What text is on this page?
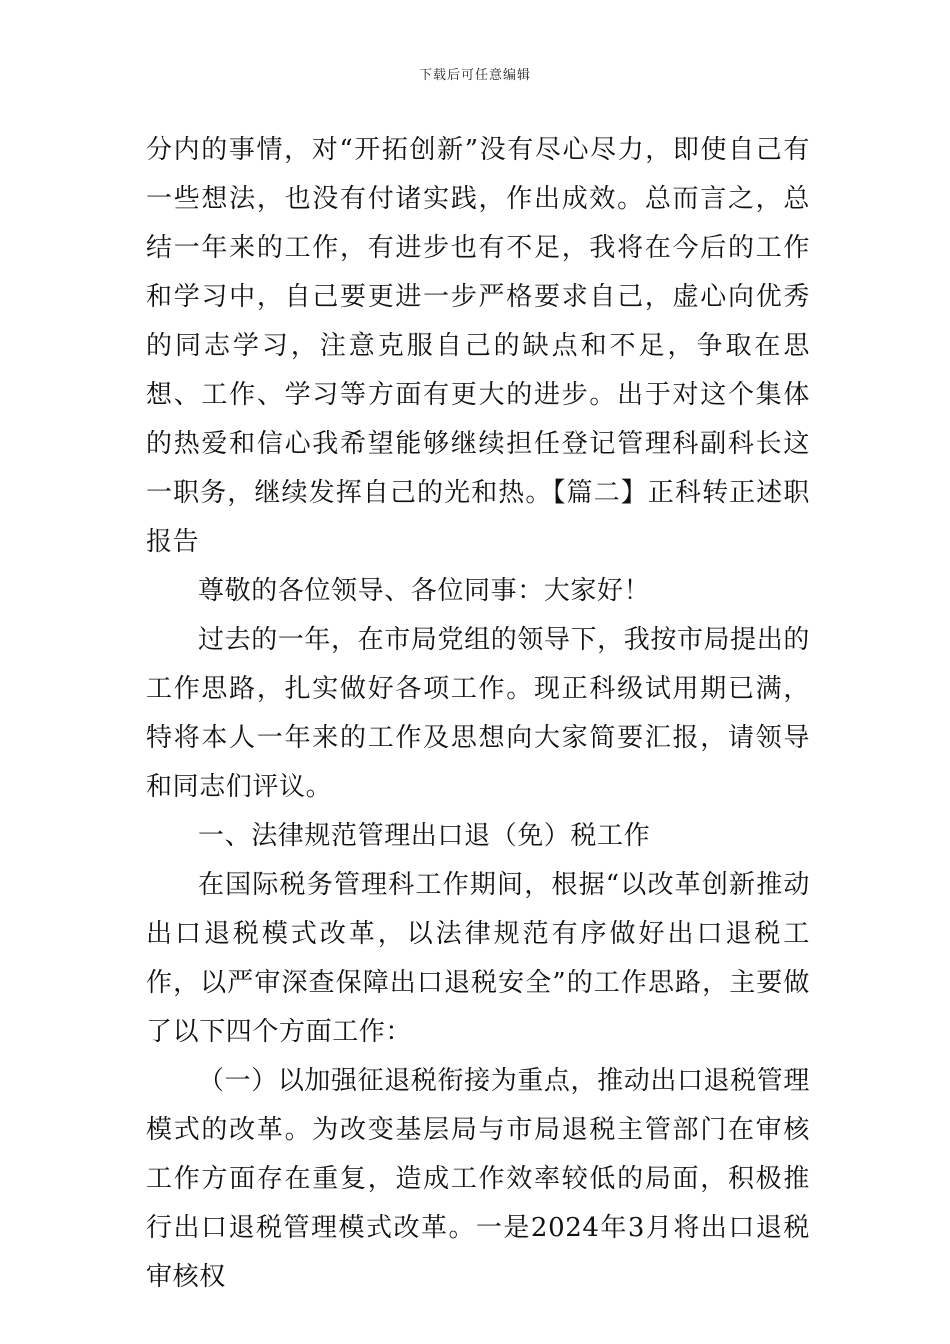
下载后可任意编辑

分内的事情，对“开拓创新”没有尽心尽力，即使自己有一些想法，也没有付诸实践，作出成效。总而言之，总结一年来的工作，有进步也有不足，我将在今后的工作和学习中，自己要更进一步严格要求自己，虚心向优秀的同志学习，注意克服自己的缺点和不足，争取在思想、工作、学习等方面有更大的进步。出于对这个集体的热爱和信心我希望能够继续担任登记管理科副科长这一职务，继续发挥自己的光和热。【篇二】正科转正述职报告

尊敬的各位领导、各位同事：大家好！

过去的一年，在市局党组的领导下，我按市局提出的工作思路，扎实做好各项工作。现正科级试用期已满，特将本人一年来的工作及思想向大家简要汇报，请领导和同志们评议。

一、法律规范管理出口退（免）税工作

在国际税务管理科工作期间，根据“以改革创新推动出口退税模式改革，以法律规范有序做好出口退税工作，以严审深查保障出口退税安全”的工作思路，主要做了以下四个方面工作：

（一）以加强征退税衔接为重点，推动出口退税管理模式的改革。为改变基层局与市局退税主管部门在审核工作方面存在重复，造成工作效率较低的局面，积极推行出口退税管理模式改革。一是2024年3月将出口退税审核权
